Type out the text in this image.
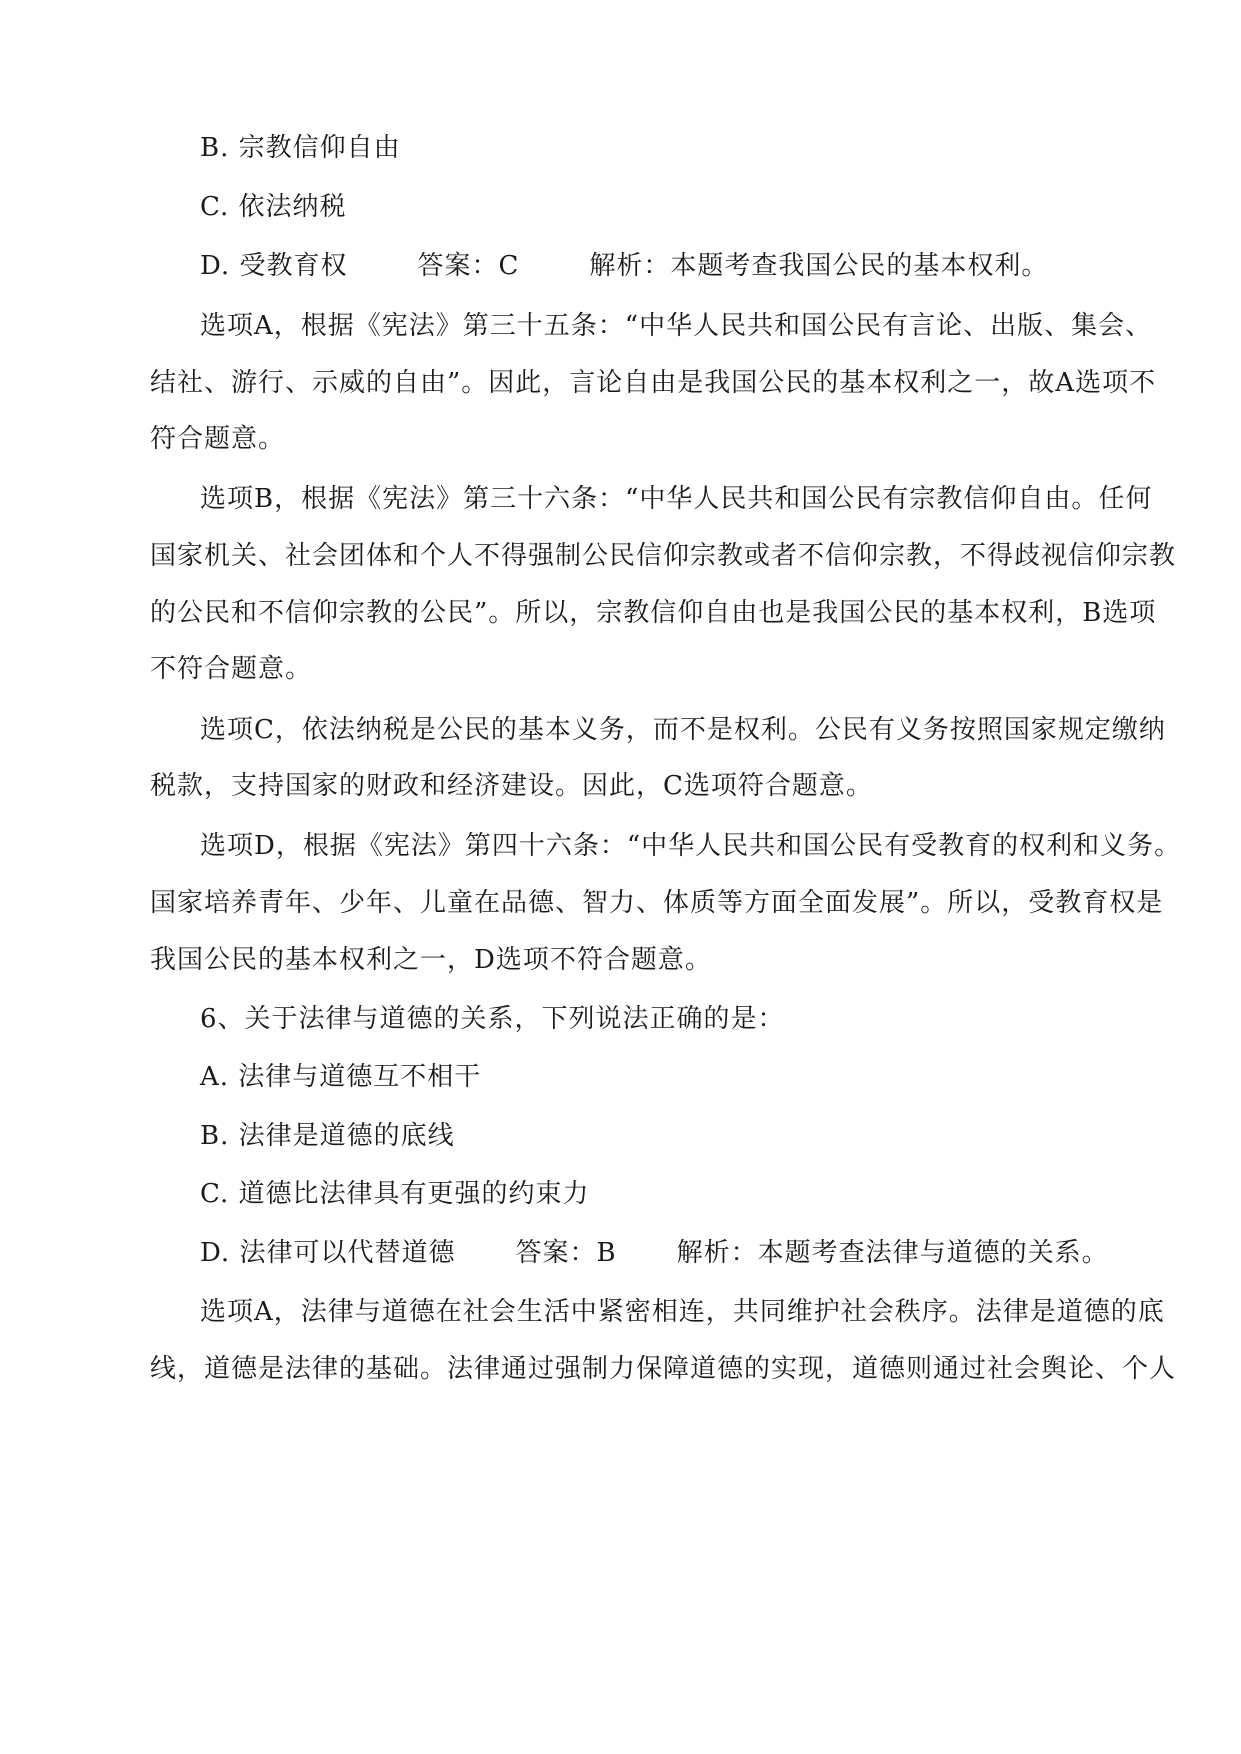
B. 宗教信仰自由
C. 依法纳税
D. 受教育权	答案：C	解析：本题考查我国公民的基本权利。
选项A，根据《宪法》第三十五条：“中华人民共和国公民有言论、出版、集会、
结社、游行、示威的自由”。因此，言论自由是我国公民的基本权利之一，故A选项不
符合题意。
选项B，根据《宪法》第三十六条：“中华人民共和国公民有宗教信仰自由。任何
国家机关、社会团体和个人不得强制公民信仰宗教或者不信仰宗教，不得歧视信仰宗教
的公民和不信仰宗教的公民”。所以，宗教信仰自由也是我国公民的基本权利，B选项
不符合题意。
选项C，依法纳税是公民的基本义务，而不是权利。公民有义务按照国家规定缴纳
税款，支持国家的财政和经济建设。因此，C选项符合题意。
选项D，根据《宪法》第四十六条：“中华人民共和国公民有受教育的权利和义务。
国家培养青年、少年、儿童在品德、智力、体质等方面全面发展”。所以，受教育权是
我国公民的基本权利之一，D选项不符合题意。
6、关于法律与道德的关系，下列说法正确的是：
A. 法律与道德互不相干
B. 法律是道德的底线
C. 道德比法律具有更强的约束力
D. 法律可以代替道德 答案：B 解析：本题考查法律与道德的关系。
选项A，法律与道德在社会生活中紧密相连，共同维护社会秩序。法律是道德的底
线，道德是法律的基础。法律通过强制力保障道德的实现，道德则通过社会舆论、个人
